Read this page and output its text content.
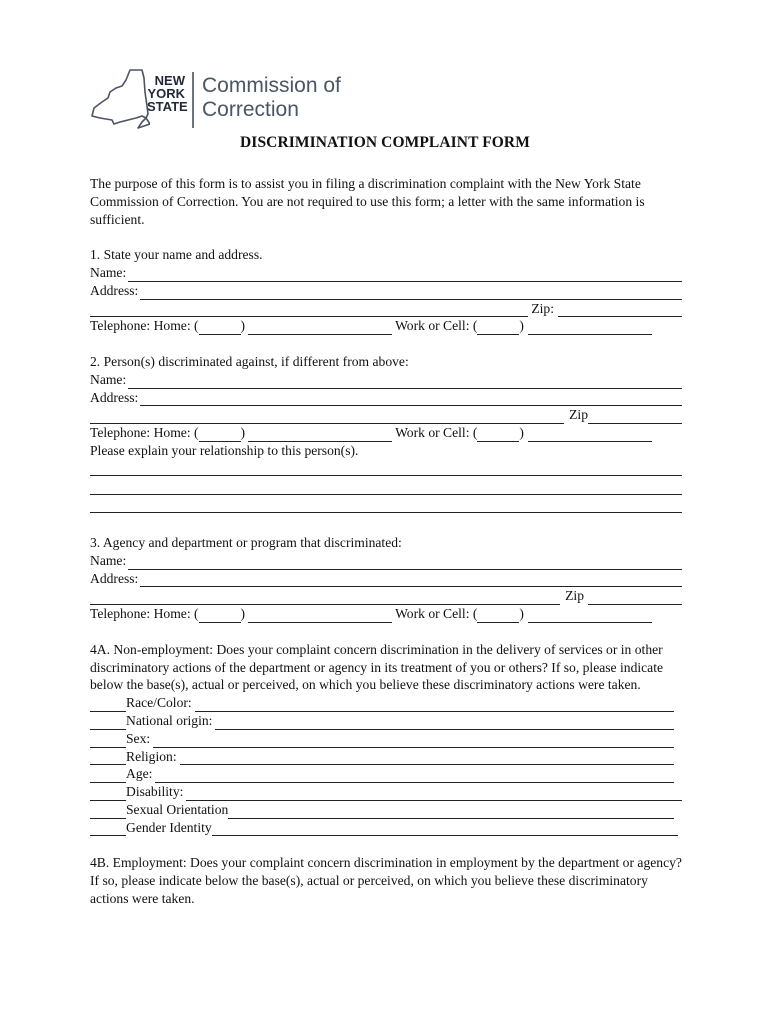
NEW
YORK
STATE
Commission of
Correction
DISCRIMINATION COMPLAINT FORM

The purpose of this form is to assist you in filing a discrimination complaint with the New York State Commission of Correction. You are not required to use this form; a letter with the same information is sufficient.

1. State your name and address.
Name:
Address:
Zip:
Telephone: Home: (	)	Work or Cell: (	)
2. Person(s) discriminated against, if different from above:
Name:
Address:
Zip
Telephone: Home: (	)	Work or Cell: (	)
Please explain your relationship to this person(s).
3. Agency and department or program that discriminated:
Name:
Address:
Zip
Telephone: Home: (	)	Work or Cell: (	)

4A. Non-employment: Does your complaint concern discrimination in the delivery of services or in other discriminatory actions of the department or agency in its treatment of you or others? If so, please indicate below the base(s), actual or perceived, on which you believe these discriminatory actions were taken.

Race/Color:
National origin:
Sex:
Religion:
Age:
Disability:
Sexual Orientation
Gender Identity

4B. Employment: Does your complaint concern discrimination in employment by the department or agency? If so, please indicate below the base(s), actual or perceived, on which you believe these discriminatory actions were taken.
